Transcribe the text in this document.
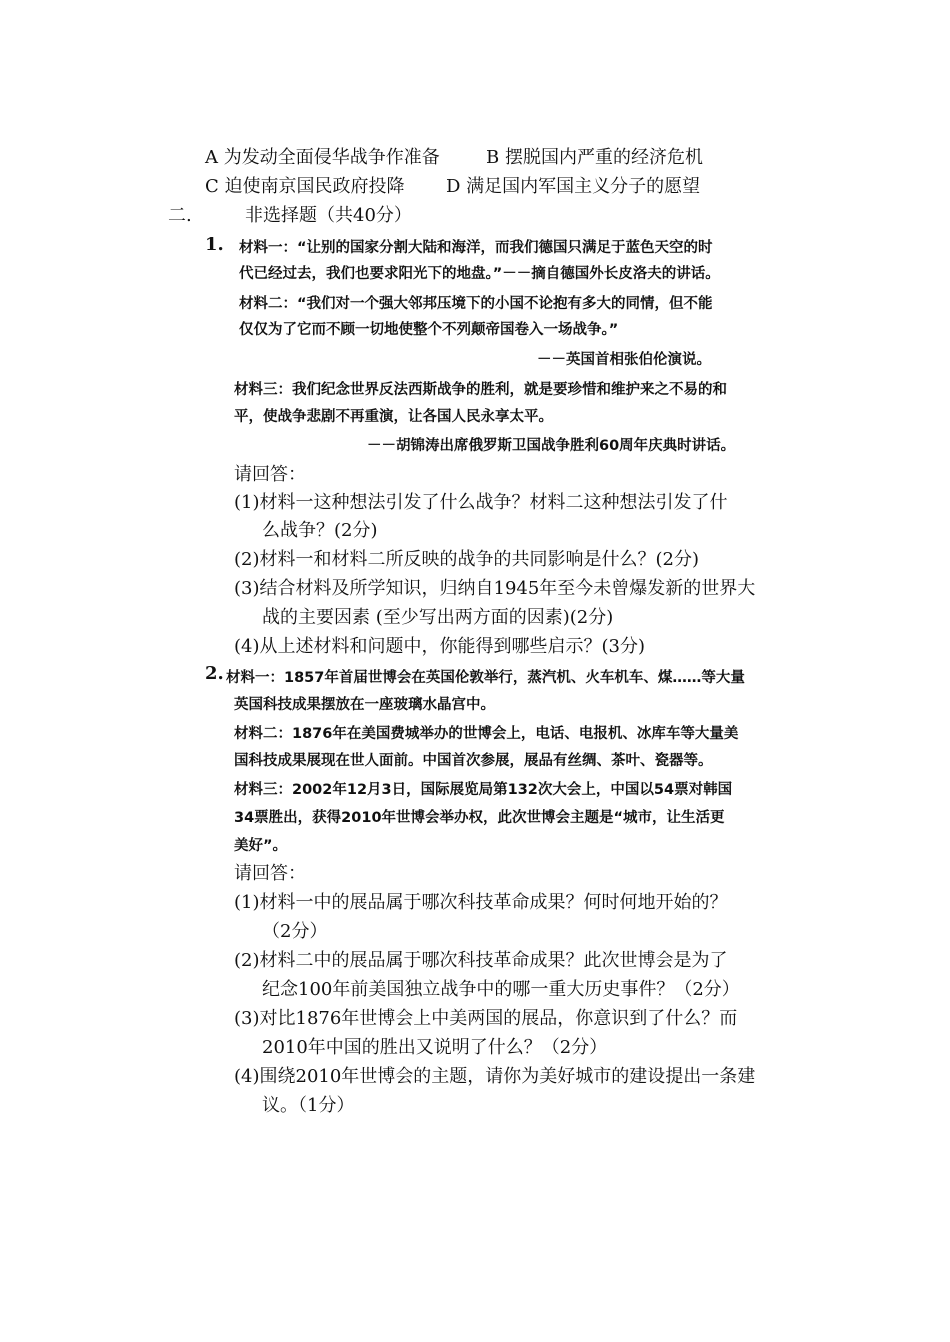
A 为发动全面侵华战争作准备	B 摆脱国内严重的经济危机
C 迫使南京国民政府投降 D 满足国内军国主义分子的愿望
二.	非选择题（共40分）
1. 材料一：“让别的国家分割大陆和海洋，而我们德国只满足于蓝色天空的时
代已经过去，我们也要求阳光下的地盘。”－－摘自德国外长皮洛夫的讲话。
材料二：“我们对一个强大邻邦压境下的小国不论抱有多大的同情，但不能
仅仅为了它而不顾一切地使整个不列颠帝国卷入一场战争。”
－－英国首相张伯伦演说。
材料三：我们纪念世界反法西斯战争的胜利，就是要珍惜和维护来之不易的和
平，使战争悲剧不再重演，让各国人民永享太平。
－－胡锦涛出席俄罗斯卫国战争胜利60周年庆典时讲话。
请回答：
(1)材料一这种想法引发了什么战争？材料二这种想法引发了什
么战争？(2分)
(2)材料一和材料二所反映的战争的共同影响是什么？(2分)
(3)结合材料及所学知识，归纳自1945年至今未曾爆发新的世界大
战的主要因素 (至少写出两方面的因素)(2分)
(4)从上述材料和问题中，你能得到哪些启示？(3分)
2. 材料一：1857年首届世博会在英国伦敦举行，蒸汽机、火车机车、煤……等大量
英国科技成果摆放在一座玻璃水晶宫中。
材料二：1876年在美国费城举办的世博会上，电话、电报机、冰库车等大量美
国科技成果展现在世人面前。中国首次参展，展品有丝绸、茶叶、瓷器等。
材料三：2002年12月3日，国际展览局第132次大会上，中国以54票对韩国
34票胜出，获得2010年世博会举办权，此次世博会主题是“城市，让生活更
美好”。
请回答：
(1)材料一中的展品属于哪次科技革命成果？何时何地开始的？
（2分）
(2)材料二中的展品属于哪次科技革命成果？此次世博会是为了
纪念100年前美国独立战争中的哪一重大历史事件？（2分）
(3)对比1876年世博会上中美两国的展品，你意识到了什么？而
2010年中国的胜出又说明了什么？（2分）
(4)围绕2010年世博会的主题，请你为美好城市的建设提出一条建
议。（1分）
